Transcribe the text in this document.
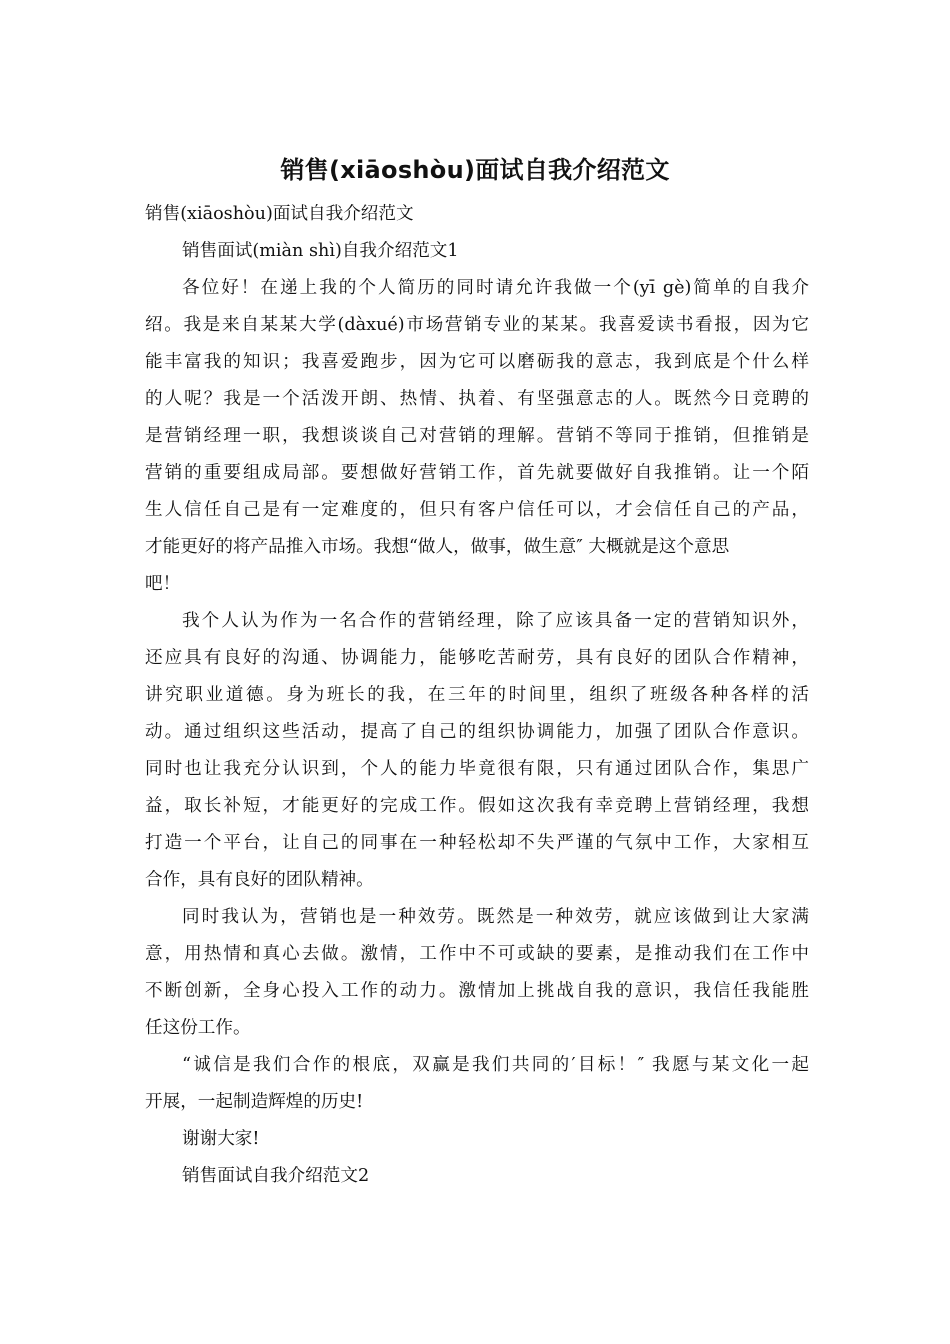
销售(xiāoshòu)面试自我介绍范文
销售(xiāoshòu)面试自我介绍范文
销售面试(miàn shì)自我介绍范文1
各位好！在递上我的个人简历的同时请允许我做一个(yī gè)简单的自我介
绍。我是来自某某大学(dàxué)市场营销专业的某某。我喜爱读书看报，因为它
能丰富我的知识；我喜爱跑步，因为它可以磨砺我的意志，我到底是个什么样
的人呢？我是一个活泼开朗、热情、执着、有坚强意志的人。既然今日竞聘的
是营销经理一职，我想谈谈自己对营销的理解。营销不等同于推销，但推销是
营销的重要组成局部。要想做好营销工作，首先就要做好自我推销。让一个陌
生人信任自己是有一定难度的，但只有客户信任可以，才会信任自己的产品，
才能更好的将产品推入市场。我想“做人，做事，做生意″ 大概就是这个意思
吧！
我个人认为作为一名合作的营销经理，除了应该具备一定的营销知识外，
还应具有良好的沟通、协调能力，能够吃苦耐劳，具有良好的团队合作精神，
讲究职业道德。身为班长的我，在三年的时间里，组织了班级各种各样的活
动。通过组织这些活动，提高了自己的组织协调能力，加强了团队合作意识。
同时也让我充分认识到，个人的能力毕竟很有限，只有通过团队合作，集思广
益，取长补短，才能更好的完成工作。假如这次我有幸竞聘上营销经理，我想
打造一个平台，让自己的同事在一种轻松却不失严谨的气氛中工作，大家相互
合作，具有良好的团队精神。
同时我认为，营销也是一种效劳。既然是一种效劳，就应该做到让大家满
意，用热情和真心去做。激情，工作中不可或缺的要素，是推动我们在工作中
不断创新，全身心投入工作的动力。激情加上挑战自我的意识，我信任我能胜
任这份工作。
“诚信是我们合作的根底，双赢是我们共同的′目标！″ 我愿与某文化一起
开展，一起制造辉煌的历史!
谢谢大家!
销售面试自我介绍范文2
